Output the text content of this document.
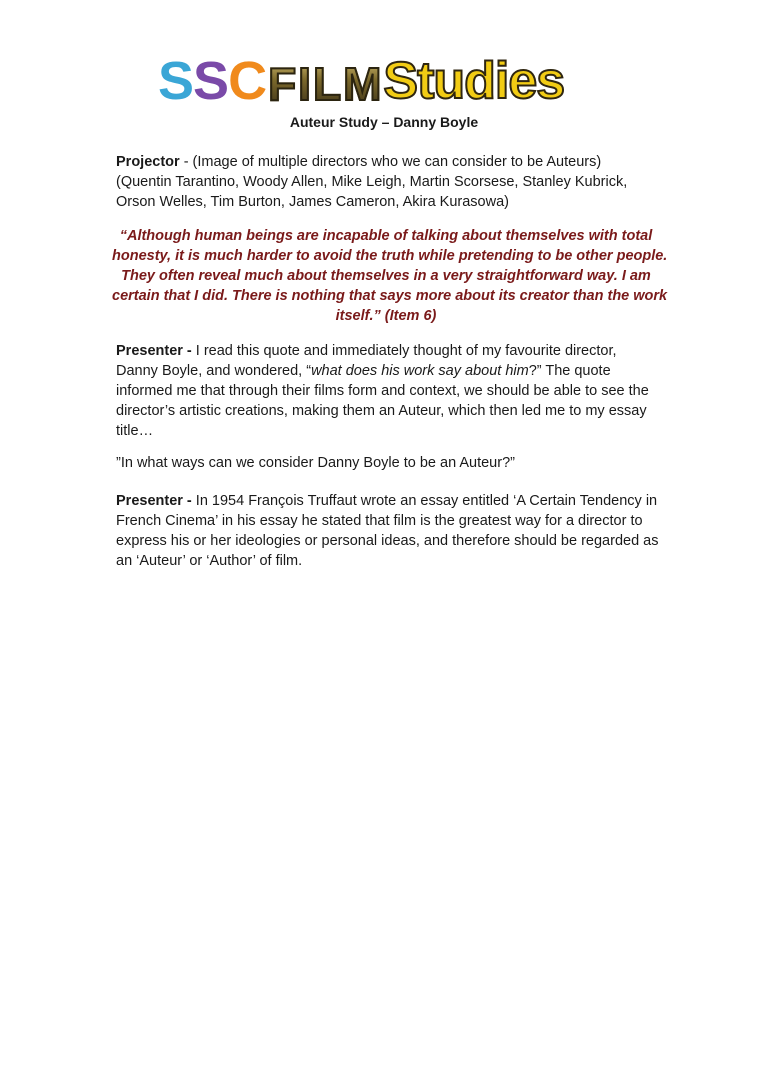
S S C F I L M Studies
Auteur Study – Danny Boyle
Projector - (Image of multiple directors who we can consider to be Auteurs)
(Quentin Tarantino, Woody Allen, Mike Leigh, Martin Scorsese, Stanley Kubrick,
Orson Welles, Tim Burton, James Cameron, Akira Kurasowa)
“Although human beings are incapable of talking about themselves with total
honesty, it is much harder to avoid the truth while pretending to be other people.
They often reveal much about themselves in a very straightforward way. I am
certain that I did. There is nothing that says more about its creator than the work
itself.” (Item 6)
Presenter - I read this quote and immediately thought of my favourite director,
Danny Boyle, and wondered, “what does his work say about him?” The quote
informed me that through their films form and context, we should be able to see the
director’s artistic creations, making them an Auteur, which then led me to my essay
title…
”In what ways can we consider Danny Boyle to be an Auteur?”
Presenter - In 1954 François Truffaut wrote an essay entitled ‘A Certain Tendency in
French Cinema’ in his essay he stated that film is the greatest way for a director to
express his or her ideologies or personal ideas, and therefore should be regarded as
an ‘Auteur’ or ‘Author’ of film.
